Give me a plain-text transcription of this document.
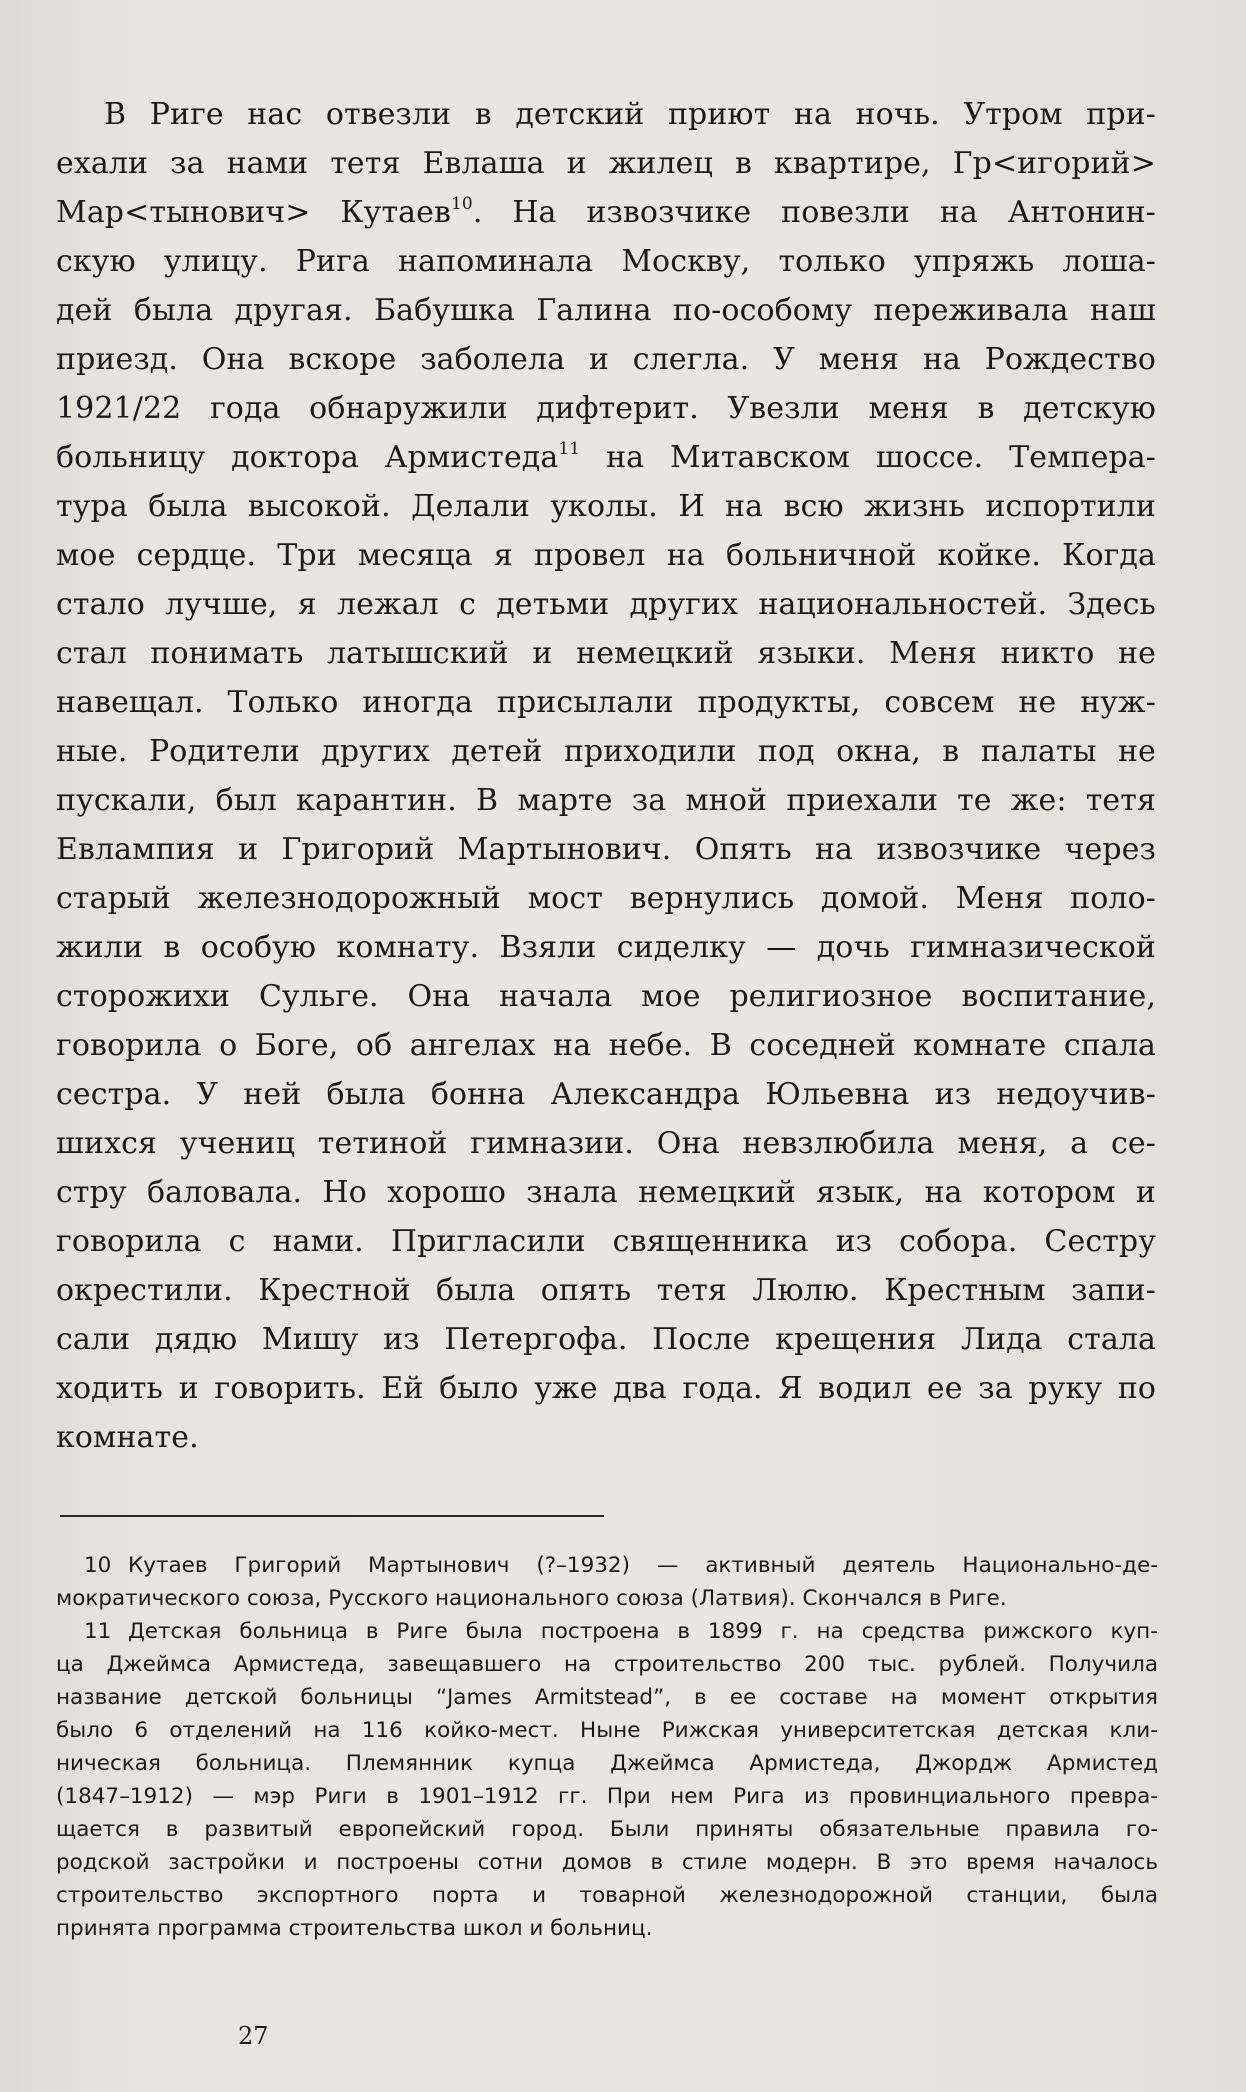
В Риге нас отвезли в детский приют на ночь. Утром при-
ехали за нами тетя Евлаша и жилец в квартире, Гр<игорий>
Мар<тынович> Кутаев$^{10}$. На извозчике повезли на Антонин-
скую улицу. Рига напоминала Москву, только упряжь лоша-
дей была другая. Бабушка Галина по-особому переживала наш
приезд. Она вскоре заболела и слегла. У меня на Рождество
1921/22 года обнаружили дифтерит. Увезли меня в детскую
больницу доктора Армистеда$^{11}$ на Митавском шоссе. Темпера-
тура была высокой. Делали уколы. И на всю жизнь испортили
мое сердце. Три месяца я провел на больничной койке. Когда
стало лучше, я лежал с детьми других национальностей. Здесь
стал понимать латышский и немецкий языки. Меня никто не
навещал. Только иногда присылали продукты, совсем не нуж-
ные. Родители других детей приходили под окна, в палаты не
пускали, был карантин. В марте за мной приехали те же: тетя
Евлампия и Григорий Мартынович. Опять на извозчике через
старый железнодорожный мост вернулись домой. Меня поло-
жили в особую комнату. Взяли сиделку — дочь гимназической
сторожихи Сульге. Она начала мое религиозное воспитание,
говорила о Боге, об ангелах на небе. В соседней комнате спала
сестра. У ней была бонна Александра Юльевна из недоучив-
шихся учениц тетиной гимназии. Она невзлюбила меня, а се-
стру баловала. Но хорошо знала немецкий язык, на котором и
говорила с нами. Пригласили священника из собора. Сестру
окрестили. Крестной была опять тетя Люлю. Крестным запи-
сали дядю Мишу из Петергофа. После крещения Лида стала
ходить и говорить. Ей было уже два года. Я водил ее за руку по
комнате.
10 Кутаев Григорий Мартынович (?–1932) — активный деятель Национально-де-
мократического союза, Русского национального союза (Латвия). Скончался в Риге.
11 Детская больница в Риге была построена в 1899 г. на средства рижского куп-
ца Джеймса Армистеда, завещавшего на строительство 200 тыс. рублей. Получила
название детской больницы “James Armitstead”, в ее составе на момент открытия
было 6 отделений на 116 койко-мест. Ныне Рижская университетская детская кли-
ническая больница. Племянник купца Джеймса Армистеда, Джордж Армистед
(1847–1912) — мэр Риги в 1901–1912 гг. При нем Рига из провинциального превра-
щается в развитый европейский город. Были приняты обязательные правила го-
родской застройки и построены сотни домов в стиле модерн. В это время началось
строительство экспортного порта и товарной железнодорожной станции, была
принята программа строительства школ и больниц.
27
